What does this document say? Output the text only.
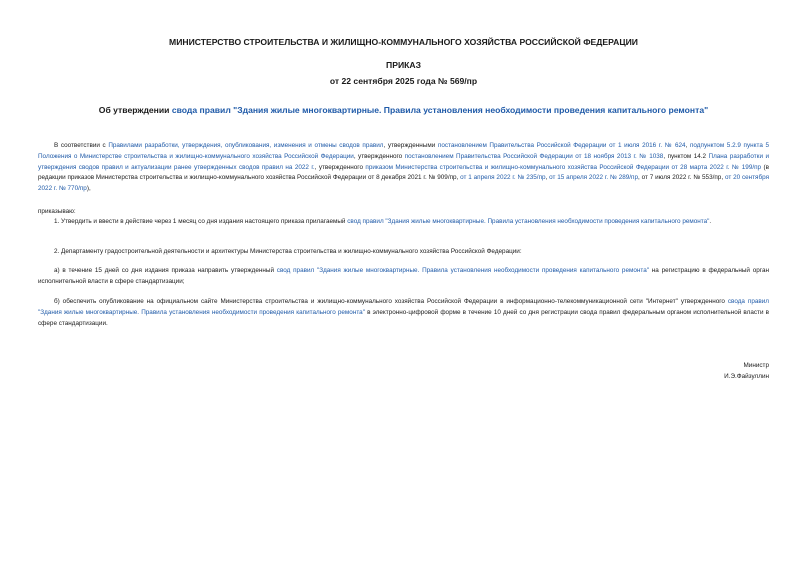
МИНИСТЕРСТВО СТРОИТЕЛЬСТВА И ЖИЛИЩНО-КОММУНАЛЬНОГО ХОЗЯЙСТВА РОССИЙСКОЙ ФЕДЕРАЦИИ
ПРИКАЗ
от 22 сентября 2025 года № 569/пр
Об утверждении свода правил "Здания жилые многоквартирные. Правила установления необходимости проведения капитального ремонта"
В соответствии с Правилами разработки, утверждения, опубликования, изменения и отмены сводов правил, утвержденными постановлением Правительства Российской Федерации от 1 июля 2016 г. № 624, подпунктом 5.2.9 пункта 5 Положения о Министерстве строительства и жилищно-коммунального хозяйства Российской Федерации, утвержденного постановлением Правительства Российской Федерации от 18 ноября 2013 г. № 1038, пунктом 14.2 Плана разработки и утверждения сводов правил и актуализации ранее утвержденных сводов правил на 2022 г., утвержденного приказом Министерства строительства и жилищно-коммунального хозяйства Российской Федерации от 28 марта 2022 г. № 199/пр (в редакции приказов Министерства строительства и жилищно-коммунального хозяйства Российской Федерации от 8 декабря 2021 г. № 909/пр, от 1 апреля 2022 г. № 235/пр, от 15 апреля 2022 г. № 289/пр, от 7 июля 2022 г. № 553/пр, от 20 сентября 2022 г. № 770/пр),
приказываю:
1. Утвердить и ввести в действие через 1 месяц со дня издания настоящего приказа прилагаемый свод правил "Здания жилые многоквартирные. Правила установления необходимости проведения капитального ремонта".
2. Департаменту градостроительной деятельности и архитектуры Министерства строительства и жилищно-коммунального хозяйства Российской Федерации:
а) в течение 15 дней со дня издания приказа направить утвержденный свод правил "Здания жилые многоквартирные. Правила установления необходимости проведения капитального ремонта" на регистрацию в федеральный орган исполнительной власти в сфере стандартизации;
б) обеспечить опубликование на официальном сайте Министерства строительства и жилищно-коммунального хозяйства Российской Федерации в информационно-телекоммуникационной сети "Интернет" утвержденного свода правил "Здания жилые многоквартирные. Правила установления необходимости проведения капитального ремонта" в электронно-цифровой форме в течение 10 дней со дня регистрации свода правил федеральным органом исполнительной власти в сфере стандартизации.
Министр
И.Э.Файзуллин
